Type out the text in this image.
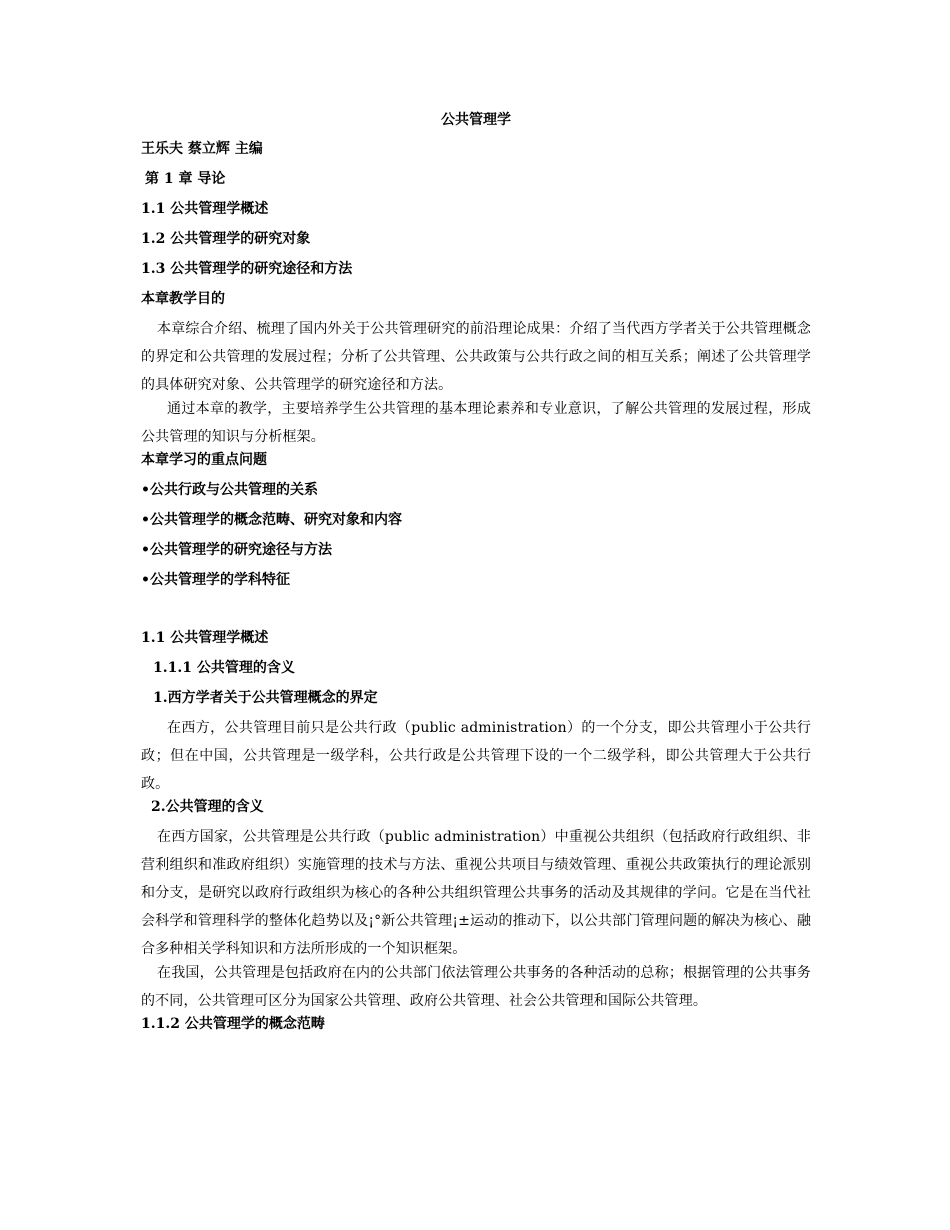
公共管理学
王乐夫 蔡立辉 主编
第 1 章 导论
1.1 公共管理学概述
1.2 公共管理学的研究对象
1.3 公共管理学的研究途径和方法
本章教学目的

本章综合介绍、梳理了国内外关于公共管理研究的前沿理论成果：介绍了当代西方学者关于公共管理概念的界定和公共管理的发展过程；分析了公共管理、公共政策与公共行政之间的相互关系；阐述了公共管理学的具体研究对象、公共管理学的研究途径和方法。

通过本章的教学，主要培养学生公共管理的基本理论素养和专业意识，了解公共管理的发展过程，形成公共管理的知识与分析框架。

本章学习的重点问题
•公共行政与公共管理的关系
•公共管理学的概念范畴、研究对象和内容
•公共管理学的研究途径与方法
•公共管理学的学科特征
1.1 公共管理学概述
1.1.1 公共管理的含义
1.西方学者关于公共管理概念的界定

在西方，公共管理目前只是公共行政（public administration）的一个分支，即公共管理小于公共行政；但在中国，公共管理是一级学科，公共行政是公共管理下设的一个二级学科，即公共管理大于公共行政。

2.公共管理的含义

在西方国家，公共管理是公共行政（public administration）中重视公共组织（包括政府行政组织、非营利组织和准政府组织）实施管理的技术与方法、重视公共项目与绩效管理、重视公共政策执行的理论派别和分支，是研究以政府行政组织为核心的各种公共组织管理公共事务的活动及其规律的学问。它是在当代社会科学和管理科学的整体化趋势以及¡°新公共管理¡±运动的推动下，以公共部门管理问题的解决为核心、融合多种相关学科知识和方法所形成的一个知识框架。

在我国，公共管理是包括政府在内的公共部门依法管理公共事务的各种活动的总称；根据管理的公共事务的不同，公共管理可区分为国家公共管理、政府公共管理、社会公共管理和国际公共管理。

1.1.2 公共管理学的概念范畴
